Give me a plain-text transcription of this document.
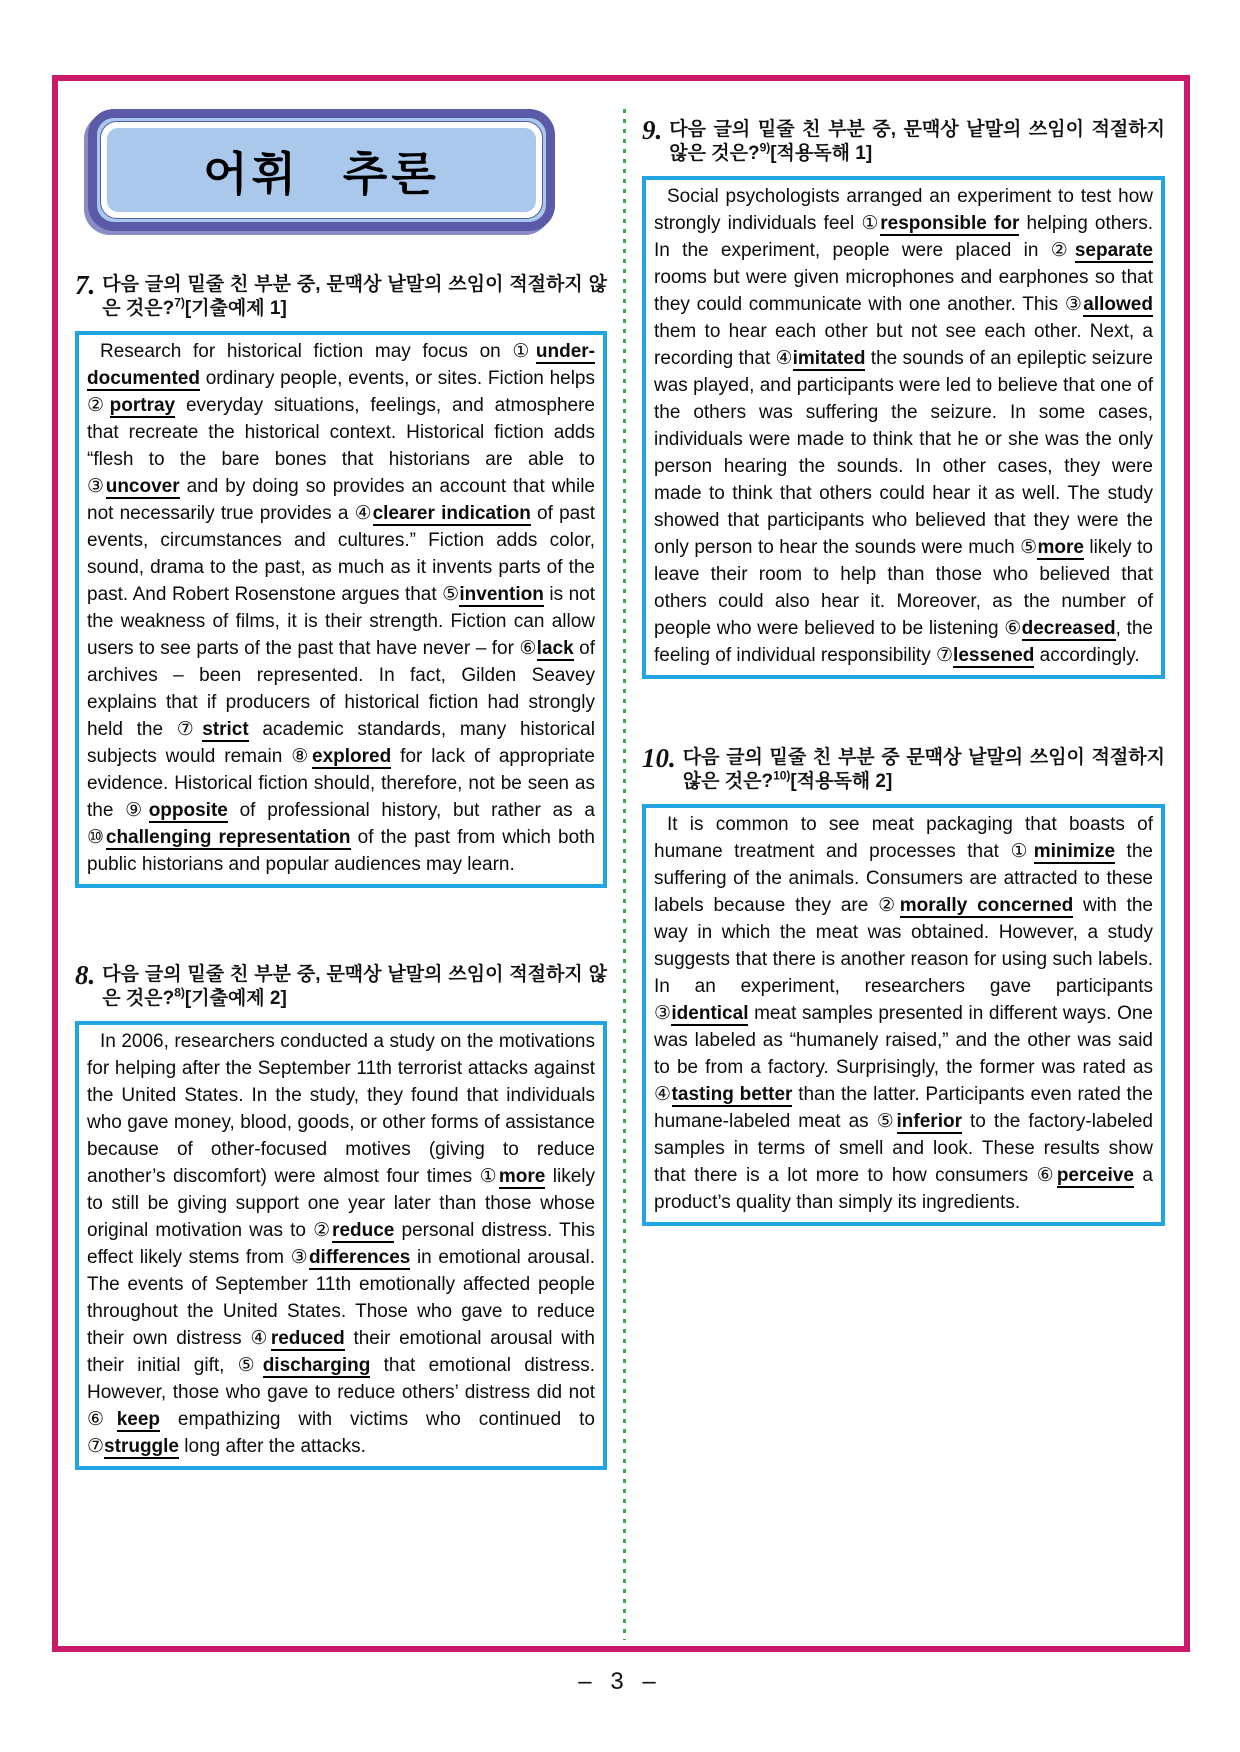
어휘 추론
7. 다음 글의 밑줄 친 부분 중, 문맥상 낱말의 쓰임이 적절하지 않은 것은?$^{7)}$[기출예제 1]

Research for historical fiction may focus on ①under-documented ordinary people, events, or sites. Fiction helps ②portray everyday situations, feelings, and atmosphere that recreate the historical context. Historical fiction adds “flesh to the bare bones that historians are able to ③uncover and by doing so provides an account that while not necessarily true provides a ④clearer indication of past events, circumstances and cultures.” Fiction adds color, sound, drama to the past, as much as it invents parts of the past. And Robert Rosenstone argues that ⑤invention is not the weakness of films, it is their strength. Fiction can allow users to see parts of the past that have never – for ⑥lack of archives – been represented. In fact, Gilden Seavey explains that if producers of historical fiction had strongly held the ⑦strict academic standards, many historical subjects would remain ⑧explored for lack of appropriate evidence. Historical fiction should, therefore, not be seen as the ⑨opposite of professional history, but rather as a ⑩challenging representation of the past from which both public historians and popular audiences may learn.

8. 다음 글의 밑줄 친 부분 중, 문맥상 낱말의 쓰임이 적절하지 않은 것은?$^{8)}$[기출예제 2]

In 2006, researchers conducted a study on the motivations for helping after the September 11th terrorist attacks against the United States. In the study, they found that individuals who gave money, blood, goods, or other forms of assistance because of other-focused motives (giving to reduce another’s discomfort) were almost four times ①more likely to still be giving support one year later than those whose original motivation was to ②reduce personal distress. This effect likely stems from ③differences in emotional arousal. The events of September 11th emotionally affected people throughout the United States. Those who gave to reduce their own distress ④reduced their emotional arousal with their initial gift, ⑤discharging that emotional distress. However, those who gave to reduce others’ distress did not ⑥keep empathizing with victims who continued to ⑦struggle long after the attacks.

9. 다음 글의 밑줄 친 부분 중, 문맥상 낱말의 쓰임이 적절하지 않은 것은?$^{9)}$[적용독해 1]

Social psychologists arranged an experiment to test how strongly individuals feel ①responsible for helping others. In the experiment, people were placed in ②separate rooms but were given microphones and earphones so that they could communicate with one another. This ③allowed them to hear each other but not see each other. Next, a recording that ④imitated the sounds of an epileptic seizure was played, and participants were led to believe that one of the others was suffering the seizure. In some cases, individuals were made to think that he or she was the only person hearing the sounds. In other cases, they were made to think that others could hear it as well. The study showed that participants who believed that they were the only person to hear the sounds were much ⑤more likely to leave their room to help than those who believed that others could also hear it. Moreover, as the number of people who were believed to be listening ⑥decreased, the feeling of individual responsibility ⑦lessened accordingly.

10. 다음 글의 밑줄 친 부분 중 문맥상 낱말의 쓰임이 적절하지 않은 것은?$^{10)}$[적용독해 2]

It is common to see meat packaging that boasts of humane treatment and processes that ①minimize the suffering of the animals. Consumers are attracted to these labels because they are ②morally concerned with the way in which the meat was obtained. However, a study suggests that there is another reason for using such labels. In an experiment, researchers gave participants ③identical meat samples presented in different ways. One was labeled as “humanely raised,” and the other was said to be from a factory. Surprisingly, the former was rated as ④tasting better than the latter. Participants even rated the humane-labeled meat as ⑤inferior to the factory-labeled samples in terms of smell and look. These results show that there is a lot more to how consumers ⑥perceive a product’s quality than simply its ingredients.

– 3 –
